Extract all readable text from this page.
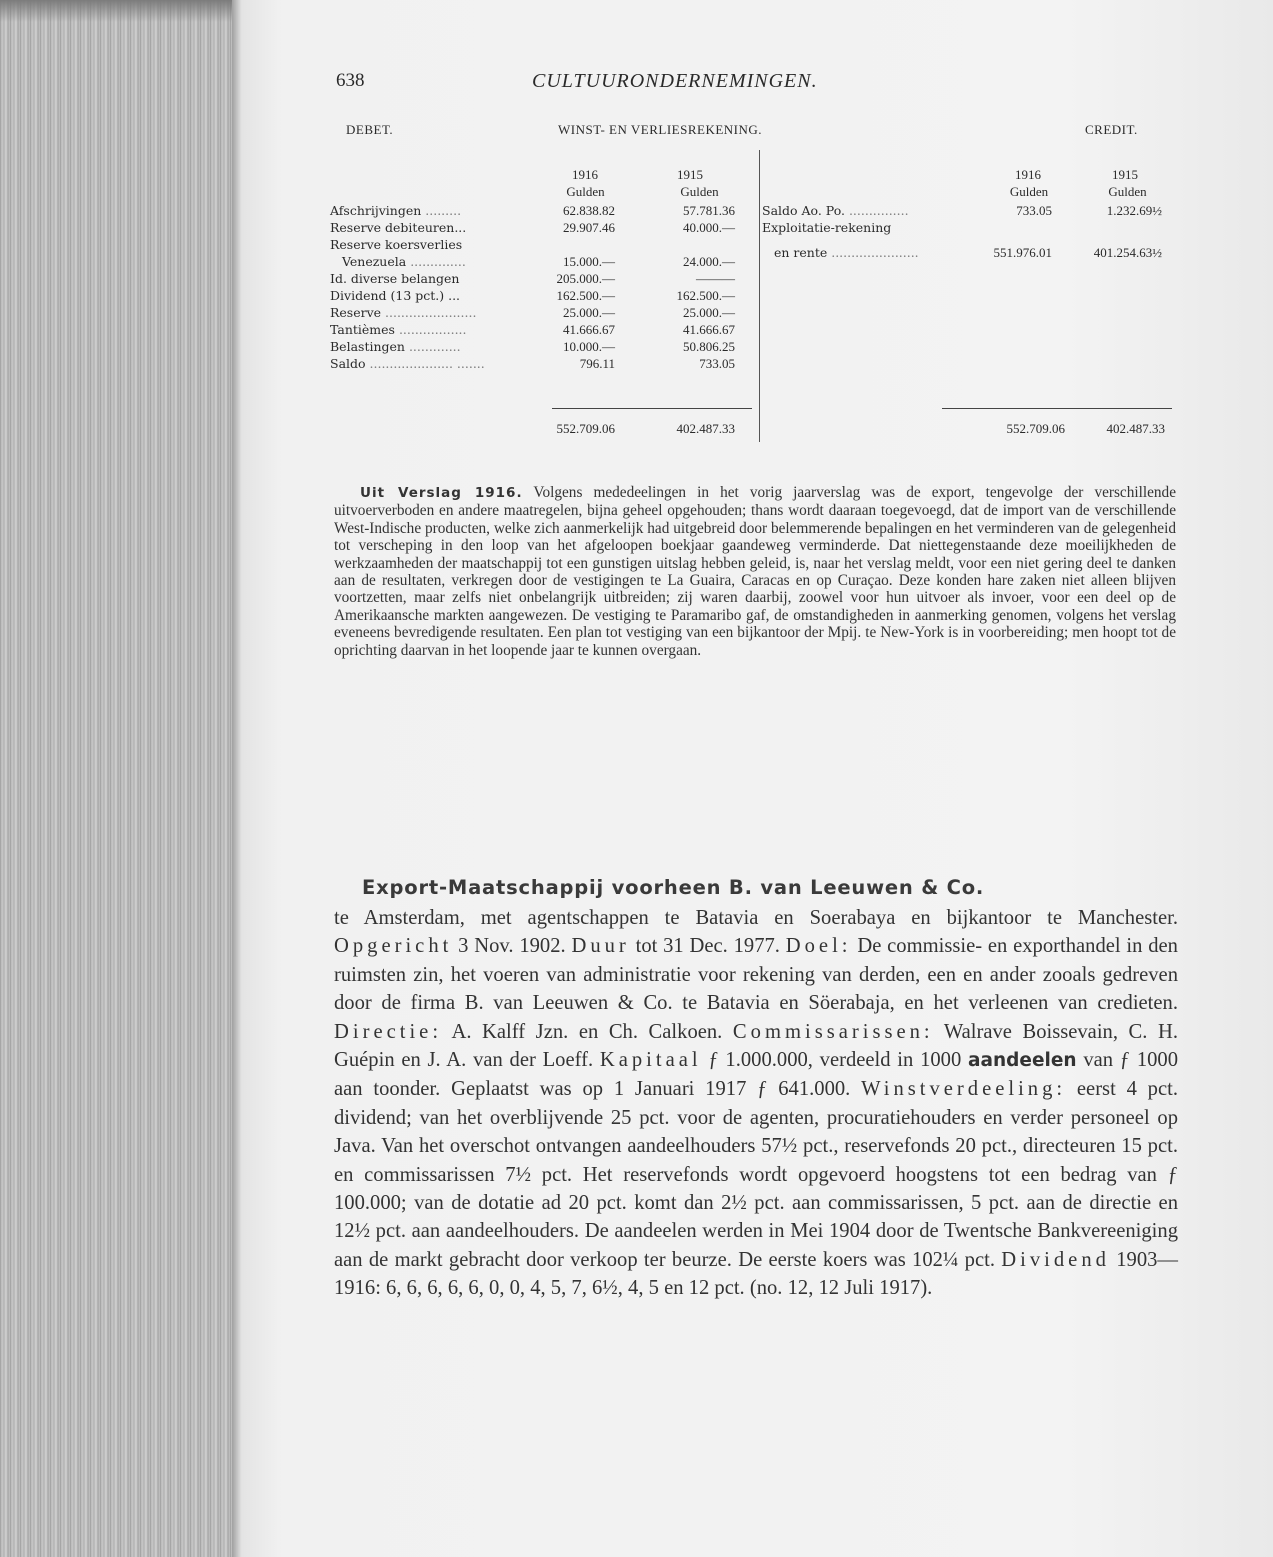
638	CULTUURONDERNEMINGEN.
DEBET.	WINST- EN VERLIESREKENING.	CREDIT.
1916	1915
Gulden	Gulden
Afschrijvingen .........	62.838.82	57.781.36
Reserve debiteuren...	29.907.46	40.000.—
Reserve koersverlies
Venezuela ..............	15.000.—	24.000.—
Id. diverse belangen	205.000.—	———
Dividend (13 pct.) ...	162.500.—	162.500.—
Reserve .......................	25.000.—	25.000.—
Tantièmes .................	41.666.67	41.666.67
Belastingen .............	10.000.—	50.806.25
Saldo ..................... .......	796.11	733.05
552.709.06	402.487.33
1916	1915
Gulden	Gulden
Saldo Ao. Po. ...............	733.05	1.232.69½
Exploitatie-rekening
en rente ......................	551.976.01	401.254.63½
552.709.06	402.487.33
Uit Verslag 1916. Volgens mededeelingen in het vorig jaarverslag was de export, tengevolge der verschillende uitvoerverboden en andere maatregelen, bijna geheel opgehouden; thans wordt daaraan toegevoegd, dat de import van de verschillende West-Indische producten, welke zich aanmerkelijk had uitgebreid door belemmerende bepalingen en het verminderen van de gelegenheid tot verscheping in den loop van het afgeloopen boekjaar gaandeweg verminderde. Dat niettegenstaande deze moeilijkheden de werkzaamheden der maatschappij tot een gunstigen uitslag hebben geleid, is, naar het verslag meldt, voor een niet gering deel te danken aan de resultaten, verkregen door de vestigingen te La Guaira, Caracas en op Curaçao. Deze konden hare zaken niet alleen blijven voortzetten, maar zelfs niet onbelangrijk uitbreiden; zij waren daarbij, zoowel voor hun uitvoer als invoer, voor een deel op de Amerikaansche markten aangewezen. De vestiging te Paramaribo gaf, de omstandigheden in aanmerking genomen, volgens het verslag eveneens bevredigende resultaten. Een plan tot vestiging van een bijkantoor der Mpij. te New-York is in voorbereiding; men hoopt tot de oprichting daarvan in het loopende jaar te kunnen overgaan.
Export-Maatschappij voorheen B. van Leeuwen & Co.
te Amsterdam, met agentschappen te Batavia en Soerabaya en bijkantoor te Manchester. Opgericht 3 Nov. 1902. Duur tot 31 Dec. 1977. Doel: De commissie- en exporthandel in den ruimsten zin, het voeren van administratie voor rekening van derden, een en ander zooals gedreven door de firma B. van Leeuwen & Co. te Batavia en Söerabaja, en het verleenen van credieten. Directie: A. Kalff Jzn. en Ch. Calkoen. Commissarissen: Walrave Boissevain, C. H. Guépin en J. A. van der Loeff. Kapitaal ƒ 1.000.000, verdeeld in 1000 aandeelen van ƒ 1000 aan toonder. Geplaatst was op 1 Januari 1917 ƒ 641.000. Winstverdeeling: eerst 4 pct. dividend; van het overblijvende 25 pct. voor de agenten, procuratiehouders en verder personeel op Java. Van het overschot ontvangen aandeelhouders 57½ pct., reservefonds 20 pct., directeuren 15 pct. en commissarissen 7½ pct. Het reservefonds wordt opgevoerd hoogstens tot een bedrag van ƒ 100.000; van de dotatie ad 20 pct. komt dan 2½ pct. aan commissarissen, 5 pct. aan de directie en 12½ pct. aan aandeelhouders. De aandeelen werden in Mei 1904 door de Twentsche Bankvereeniging aan de markt gebracht door verkoop ter beurze. De eerste koers was 102¼ pct. Dividend 1903—1916: 6, 6, 6, 6, 6, 0, 0, 4, 5, 7, 6½, 4, 5 en 12 pct. (no. 12, 12 Juli 1917).
